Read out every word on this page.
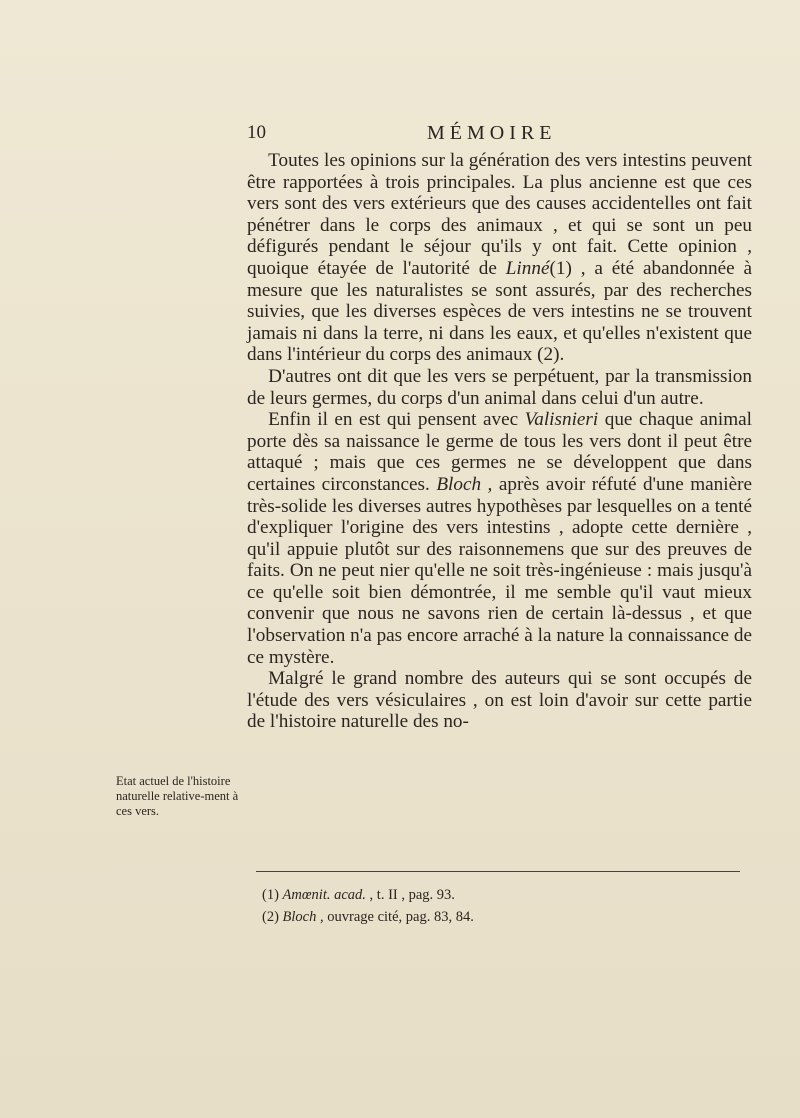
10	MÉMOIRE

Toutes les opinions sur la génération des vers intestins peuvent être rapportées à trois principales. La plus ancienne est que ces vers sont des vers extérieurs que des causes accidentelles ont fait pénétrer dans le corps des animaux , et qui se sont un peu défigurés pendant le séjour qu'ils y ont fait. Cette opinion , quoique étayée de l'autorité de Linné(1) , a été abandonnée à mesure que les naturalistes se sont assurés, par des recherches suivies, que les diverses espèces de vers intestins ne se trouvent jamais ni dans la terre, ni dans les eaux, et qu'elles n'existent que dans l'intérieur du corps des animaux (2).

D'autres ont dit que les vers se perpétuent, par la transmission de leurs germes, du corps d'un animal dans celui d'un autre.

Enfin il en est qui pensent avec Valisnieri que chaque animal porte dès sa naissance le germe de tous les vers dont il peut être attaqué ; mais que ces germes ne se développent que dans certaines circonstances. Bloch , après avoir réfuté d'une manière très-solide les diverses autres hypothèses par lesquelles on a tenté d'expliquer l'origine des vers intestins , adopte cette dernière , qu'il appuie plutôt sur des raisonnemens que sur des preuves de faits. On ne peut nier qu'elle ne soit très-ingénieuse : mais jusqu'à ce qu'elle soit bien démontrée, il me semble qu'il vaut mieux convenir que nous ne savons rien de certain là-dessus , et que l'observation n'a pas encore arraché à la nature la connaissance de ce mystère.

Malgré le grand nombre des auteurs qui se sont occupés de l'étude des vers vésiculaires , on est loin d'avoir sur cette partie de l'histoire naturelle des no-

Etat actuel de l'histoire naturelle relative-ment à ces vers.

(1) Amœnit. acad. , t. II , pag. 93.

(2) Bloch , ouvrage cité, pag. 83, 84.
